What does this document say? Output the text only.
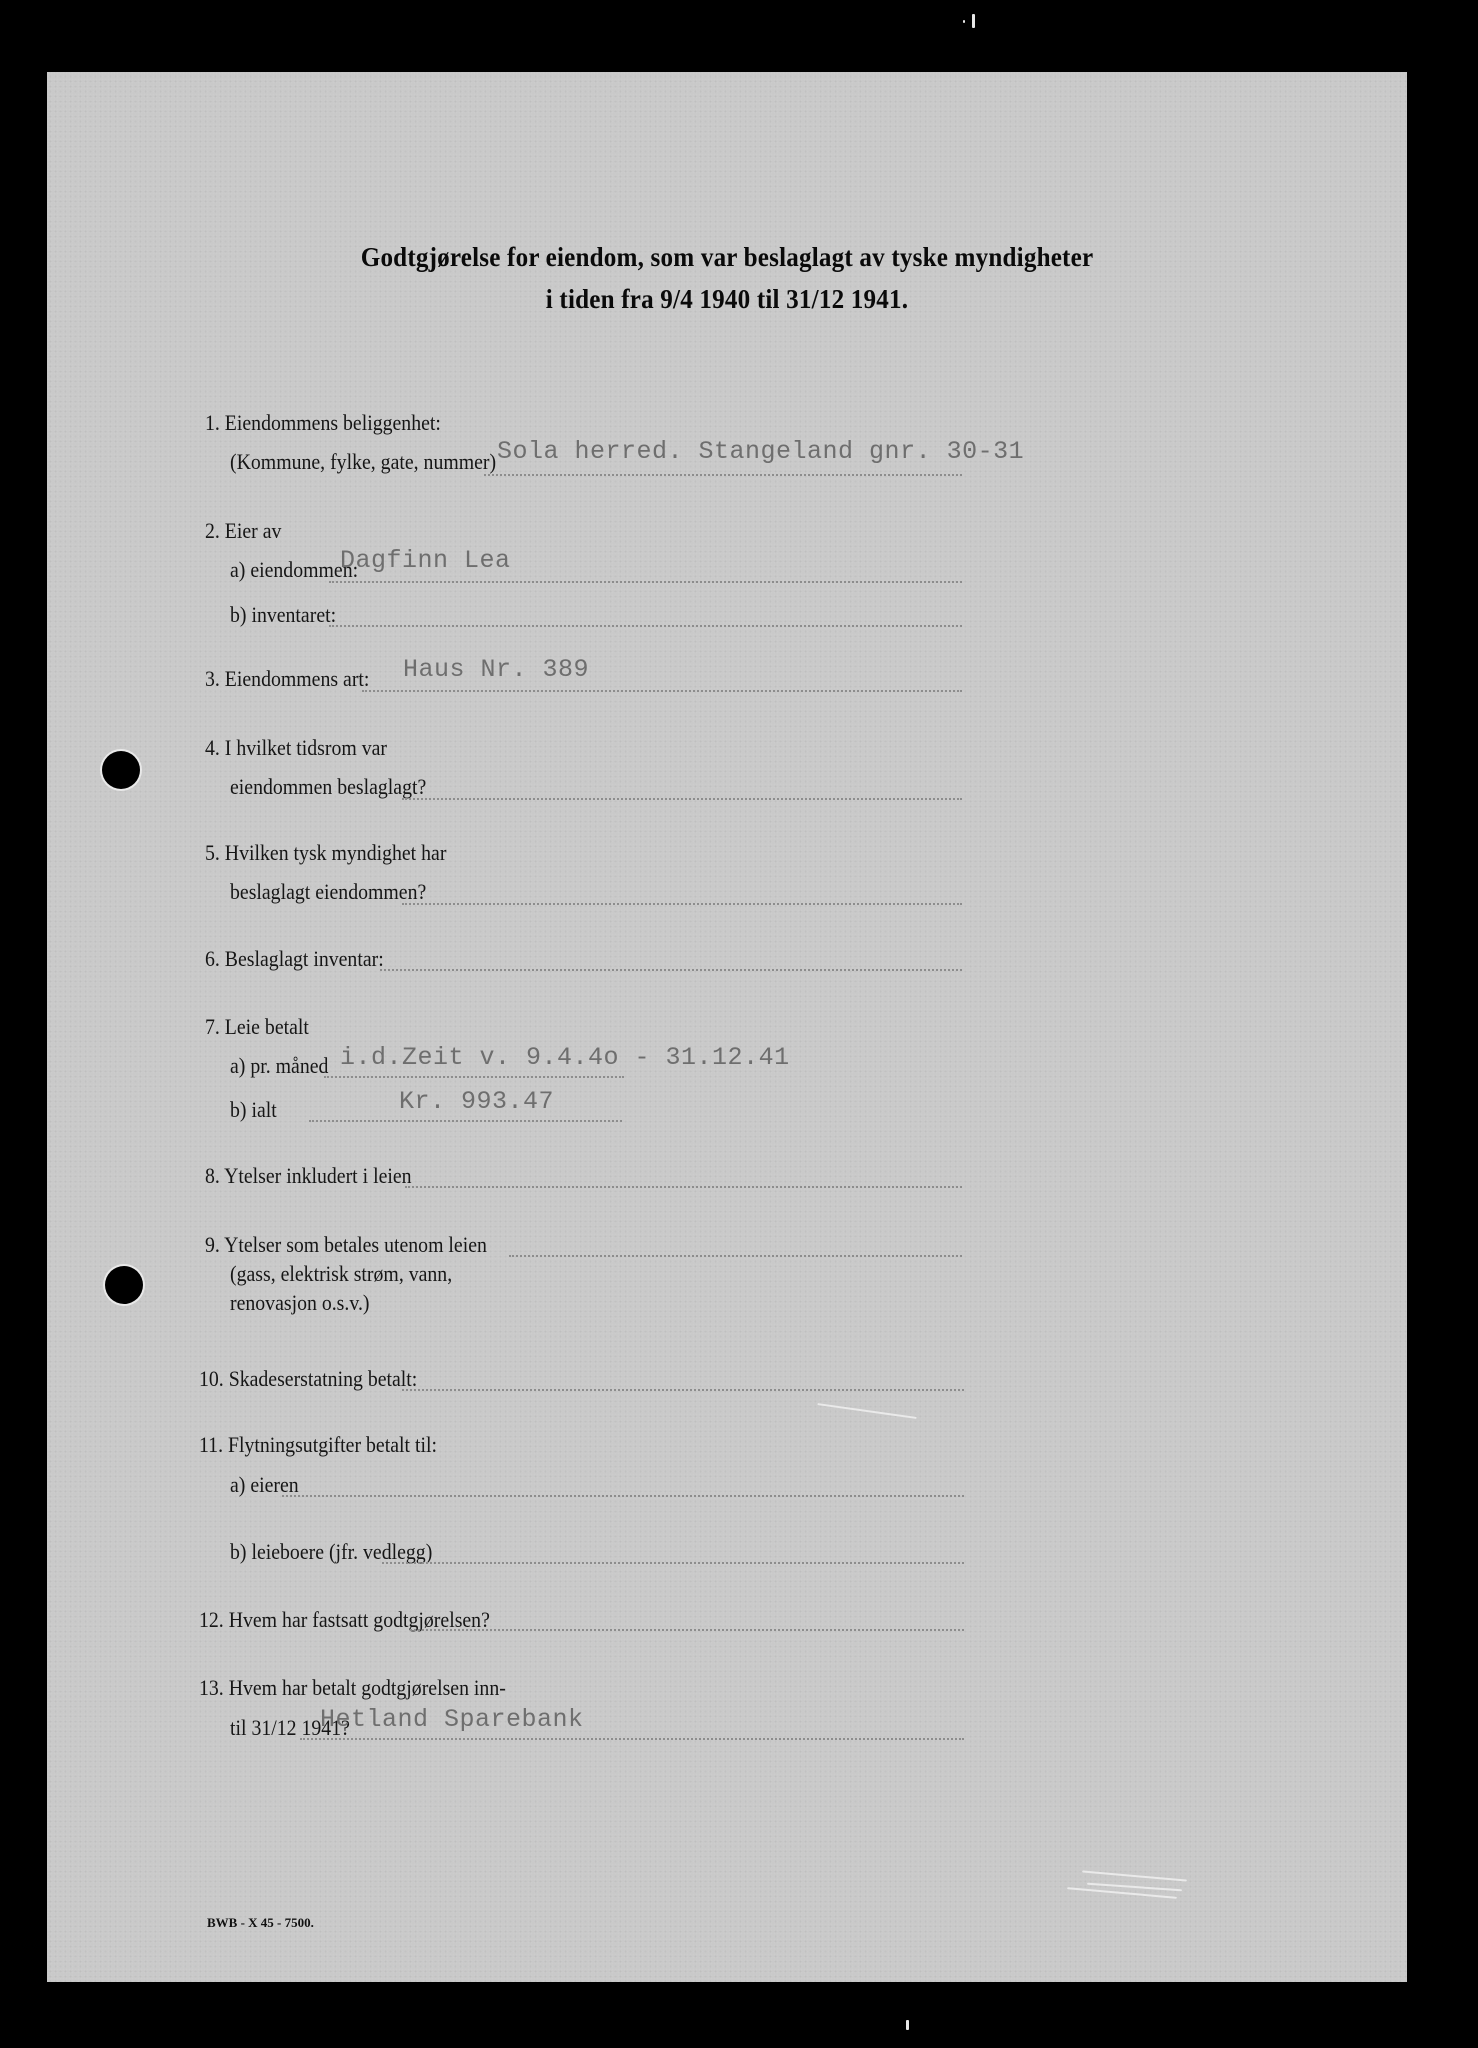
Godtgjørelse for eiendom, som var beslaglagt av tyske myndigheter
i tiden fra 9/4 1940 til 31/12 1941.
1. Eiendommens beliggenhet:
(Kommune, fylke, gate, nummer) Sola herred. Stangeland gnr. 30-31
2. Eier av
a) eiendommen:
Dagfinn Lea
b) inventaret:
3. Eiendommens art: Haus Nr. 389
4. I hvilket tidsrom var
eiendommen beslaglagt?
5. Hvilken tysk myndighet har
beslaglagt eiendommen?
6. Beslaglagt inventar:
7. Leie betalt
a) pr. måned i.d.Zeit v. 9.4.4o - 31.12.41
b) ialt	Kr. 993.47
8. Ytelser inkludert i leien
9. Ytelser som betales utenom leien
(gass, elektrisk strøm, vann,
renovasjon o.s.v.)
10. Skadeserstatning betalt:
11. Flytningsutgifter betalt til:
a) eieren
b) leieboere (jfr. vedlegg)
12. Hvem har fastsatt godtgjørelsen?
13. Hvem har betalt godtgjørelsen inn-
til 31/12 1941?
Hetland Sparebank
BWB - X 45 - 7500.
